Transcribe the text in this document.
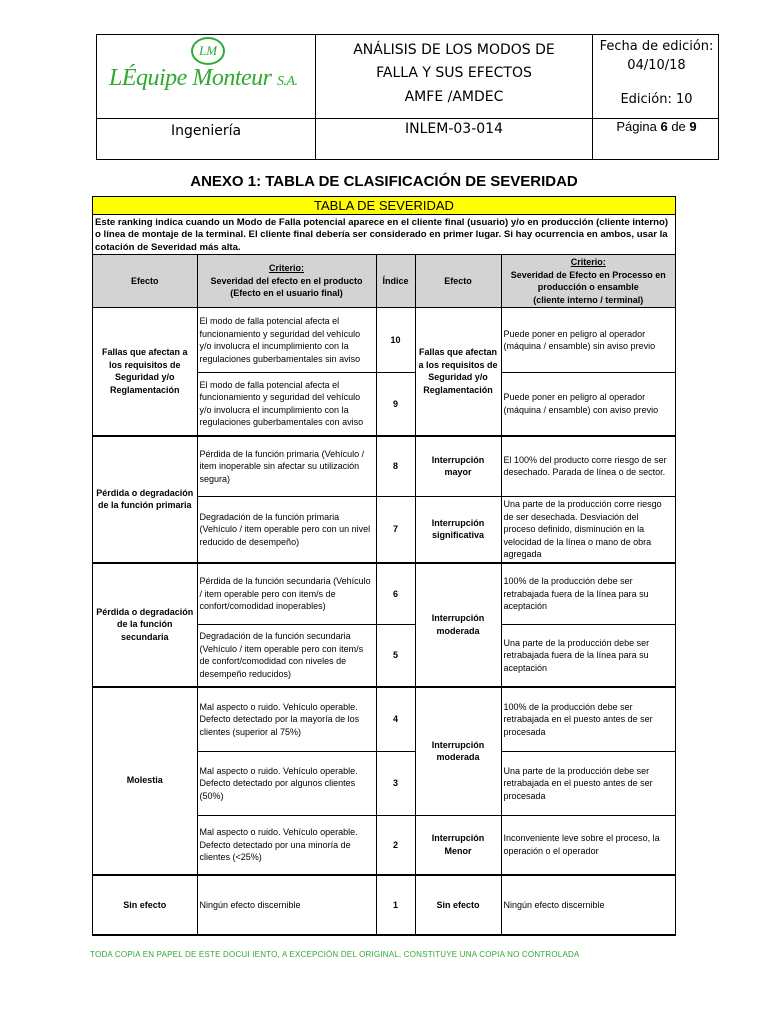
LM
LÉquipe Monteur S.A.
ANÁLISIS DE LOS MODOS DE
FALLA Y SUS EFECTOS
AMFE /AMDEC
Fecha de edición:
04/10/18
Edición: 10
Ingeniería	INLEM-03-014	Página 6 de 9
ANEXO 1: TABLA DE CLASIFICACIÓN DE SEVERIDAD
TABLA DE SEVERIDAD
Este ranking indica cuando un Modo de Falla potencial aparece en el cliente final (usuario) y/o en producción (cliente interno) o línea de montaje de la terminal. El cliente final debería ser considerado en primer lugar. Si hay ocurrencia en ambos, usar la cotación de Severidad más alta.
Efecto	Criterio:
Severidad del efecto en el producto
(Efecto en el usuario final)	Índice	Efecto	Criterio:
Severidad de Efecto en Processo en producción o ensamble
(cliente interno / terminal)
Fallas que afectan a los requisitos de Seguridad y/o Reglamentación	El modo de falla potencial afecta el funcionamiento y seguridad del vehículo y/o involucra el incumplimiento con la regulaciones guberbamentales sin aviso	10	Fallas que afectan a los requisitos de Seguridad y/o Reglamentación	Puede poner en peligro al operador (máquina / ensamble) sin aviso previo
	El modo de falla potencial afecta el funcionamiento y seguridad del vehículo y/o involucra el incumplimiento con la regulaciones guberbamentales con aviso	9		Puede poner en peligro al operador (máquina / ensamble) con aviso previo
Pérdida o degradación de la función primaria	Pérdida de la función primaria (Vehículo / item inoperable sin afectar su utilización segura)	8	Interrupción mayor	El 100% del producto corre riesgo de ser desechado. Parada de línea o de sector.
	Degradación de la función primaria (Vehículo / item operable pero con un nivel reducido de desempeño)	7	Interrupción significativa	Una parte de la producción corre riesgo de ser desechada. Desviación del proceso definido, disminución en la velocidad de la línea o mano de obra agregada
Pérdida o degradación de la función secundaria	Pérdida de la función secundaria (Vehículo / item operable pero con item/s de confort/comodidad inoperables)	6	Interrupción moderada	100% de la producción debe ser retrabajada fuera de la línea para su aceptación
	Degradación de la función secundaria (Vehículo / item operable pero con item/s de confort/comodidad con niveles de desempeño reducidos)	5		Una parte de la producción debe ser retrabajada fuera de la línea para su aceptación
Molestia	Mal aspecto o ruido. Vehículo operable. Defecto detectado por la mayoría de los clientes (superior al 75%)	4	Interrupción moderada	100% de la producción debe ser retrabajada en el puesto antes de ser procesada
	Mal aspecto o ruido. Vehículo operable. Defecto detectado por algunos clientes (50%)	3		Una parte de la producción debe ser retrabajada en el puesto antes de ser procesada
	Mal aspecto o ruido. Vehículo operable. Defecto detectado por una minoría de clientes (<25%)	2	Interrupción Menor	Inconveniente leve sobre el proceso, la operación o el operador
Sin efecto	Ningún efecto discernible	1	Sin efecto	Ningún efecto discernible
TODA COPIA EN PAPEL DE ESTE DOCUI IENTO, A EXCEPCIÓN DEL ORIGINAL, CONSTITUYE UNA COPIA NO CONTROLADA
